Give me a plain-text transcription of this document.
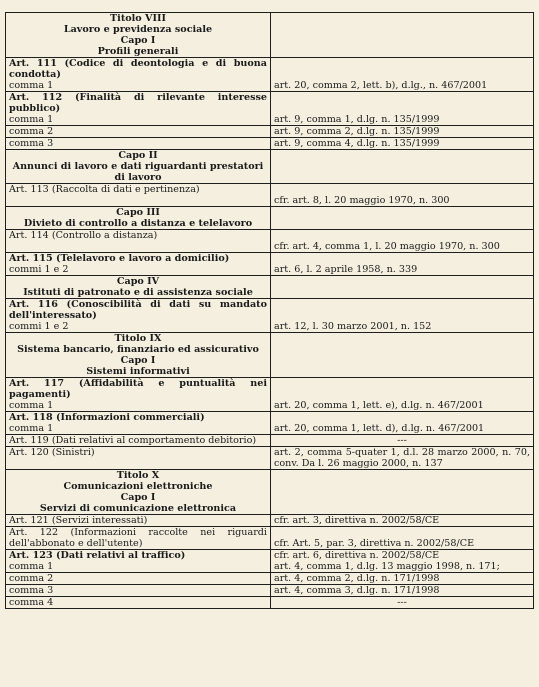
Titolo VIII
Lavoro e previdenza sociale
Capo I
Profili generali	

Art. 111 (Codice di deontologia e di buona condotta)
comma 1	art. 20, comma 2, lett. b), d.lg., n. 467/2001

Art. 112 (Finalità di rilevante interesse pubblico)
comma 1	art. 9, comma 1, d.lg. n. 135/1999
comma 2	art. 9, comma 2, d.lg. n. 135/1999
comma 3	art. 9, comma 4, d.lg. n. 135/1999

Capo II
Annunci di lavoro e dati riguardanti prestatori di lavoro	

Art. 113 (Raccolta di dati e pertinenza)	cfr. art. 8, l. 20 maggio 1970, n. 300

Capo III
Divieto di controllo a distanza e telelavoro	

Art. 114 (Controllo a distanza)	cfr. art. 4, comma 1, l. 20 maggio 1970, n. 300

Art. 115 (Telelavoro e lavoro a domicilio)
commi 1 e 2	art. 6, l. 2 aprile 1958, n. 339

Capo IV
Istituti di patronato e di assistenza sociale	

Art. 116 (Conoscibilità di dati su mandato dell'interessato)
commi 1 e 2	art. 12, l. 30 marzo 2001, n. 152

Titolo IX
Sistema bancario, finanziario ed assicurativo
Capo I
Sistemi informativi	

Art. 117 (Affidabilità e puntualità nei pagamenti)
comma 1	art. 20, comma 1, lett. e), d.lg. n. 467/2001

Art. 118 (Informazioni commerciali)
comma 1	art. 20, comma 1, lett. d), d.lg. n. 467/2001

Art. 119 (Dati relativi al comportamento debitorio)	---

Art. 120 (Sinistri)	art. 2, comma 5-quater 1, d.l. 28 marzo 2000, n. 70, conv. Da l. 26 maggio 2000, n. 137

Titolo X
Comunicazioni elettroniche
Capo I
Servizi di comunicazione elettronica	

Art. 121 (Servizi interessati)	cfr. art. 3, direttiva n. 2002/58/CE

Art. 122 (Informazioni raccolte nei riguardi dell'abbonato e dell'utente)	cfr. Art. 5, par. 3, direttiva n. 2002/58/CE

Art. 123 (Dati relativi al traffico)
comma 1	cfr. art. 6, direttiva n. 2002/58/CE
art. 4, comma 1, d.lg. 13 maggio 1998, n. 171;
comma 2	art. 4, comma 2, d.lg. n. 171/1998
comma 3	art. 4, comma 3, d.lg. n. 171/1998
comma 4	---
